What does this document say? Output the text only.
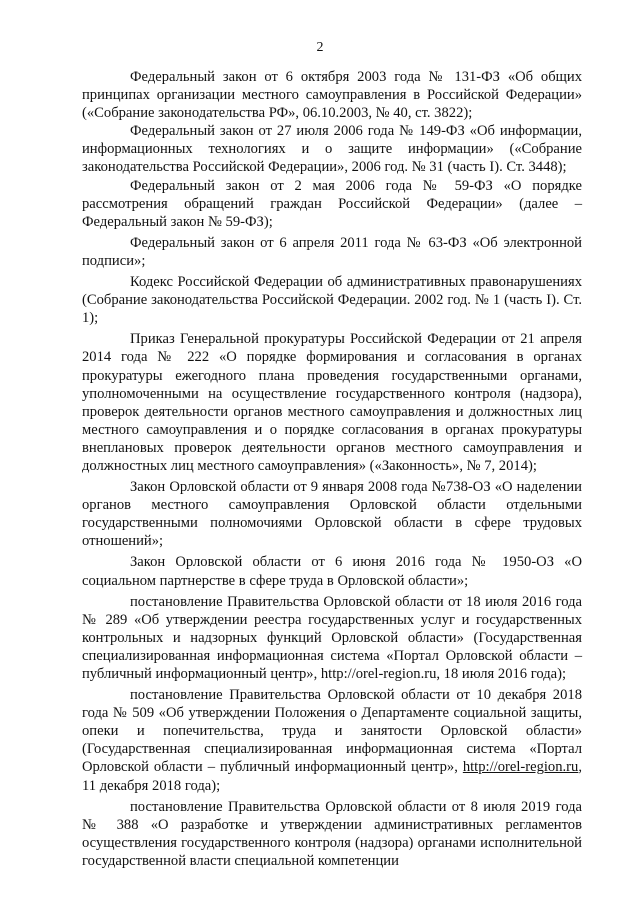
2

Федеральный закон от 6 октября 2003 года № 131-ФЗ «Об общих принципах организации местного самоуправления в Российской Федерации» («Собрание законодательства РФ», 06.10.2003, № 40, ст. 3822);

Федеральный закон от 27 июля 2006 года № 149-ФЗ «Об информации, информационных технологиях и о защите информации» («Собрание законодательства Российской Федерации», 2006 год. № 31 (часть I). Ст. 3448);

Федеральный закон от 2 мая 2006 года № 59-ФЗ «О порядке рассмотрения обращений граждан Российской Федерации» (далее – Федеральный закон № 59-ФЗ);

Федеральный закон от 6 апреля 2011 года № 63-ФЗ «Об электронной подписи»;

Кодекс Российской Федерации об административных правонарушениях (Собрание законодательства Российской Федерации. 2002 год. № 1 (часть I). Ст. 1);

Приказ Генеральной прокуратуры Российской Федерации от 21 апреля 2014 года № 222 «О порядке формирования и согласования в органах прокуратуры ежегодного плана проведения государственными органами, уполномоченными на осуществление государственного контроля (надзора), проверок деятельности органов местного самоуправления и должностных лиц местного самоуправления и о порядке согласования в органах прокуратуры внеплановых проверок деятельности органов местного самоуправления и должностных лиц местного самоуправления» («Законность», № 7, 2014);

Закон Орловской области от 9 января 2008 года №738-ОЗ «О наделении органов местного самоуправления Орловской области отдельными государственными полномочиями Орловской области в сфере трудовых отношений»;

Закон Орловской области от 6 июня 2016 года № 1950-ОЗ «О социальном партнерстве в сфере труда в Орловской области»;

постановление Правительства Орловской области от 18 июля 2016 года № 289 «Об утверждении реестра государственных услуг и государственных контрольных и надзорных функций Орловской области» (Государственная специализированная информационная система «Портал Орловской области – публичный информационный центр», http://orel-region.ru, 18 июля 2016 года);

постановление Правительства Орловской области от 10 декабря 2018 года № 509 «Об утверждении Положения о Департаменте социальной защиты, опеки и попечительства, труда и занятости Орловской области» (Государственная специализированная информационная система «Портал Орловской области – публичный информационный центр», http://orel-region.ru, 11 декабря 2018 года);

постановление Правительства Орловской области от 8 июля 2019 года № 388 «О разработке и утверждении административных регламентов осуществления государственного контроля (надзора) органами исполнительной государственной власти специальной компетенции
